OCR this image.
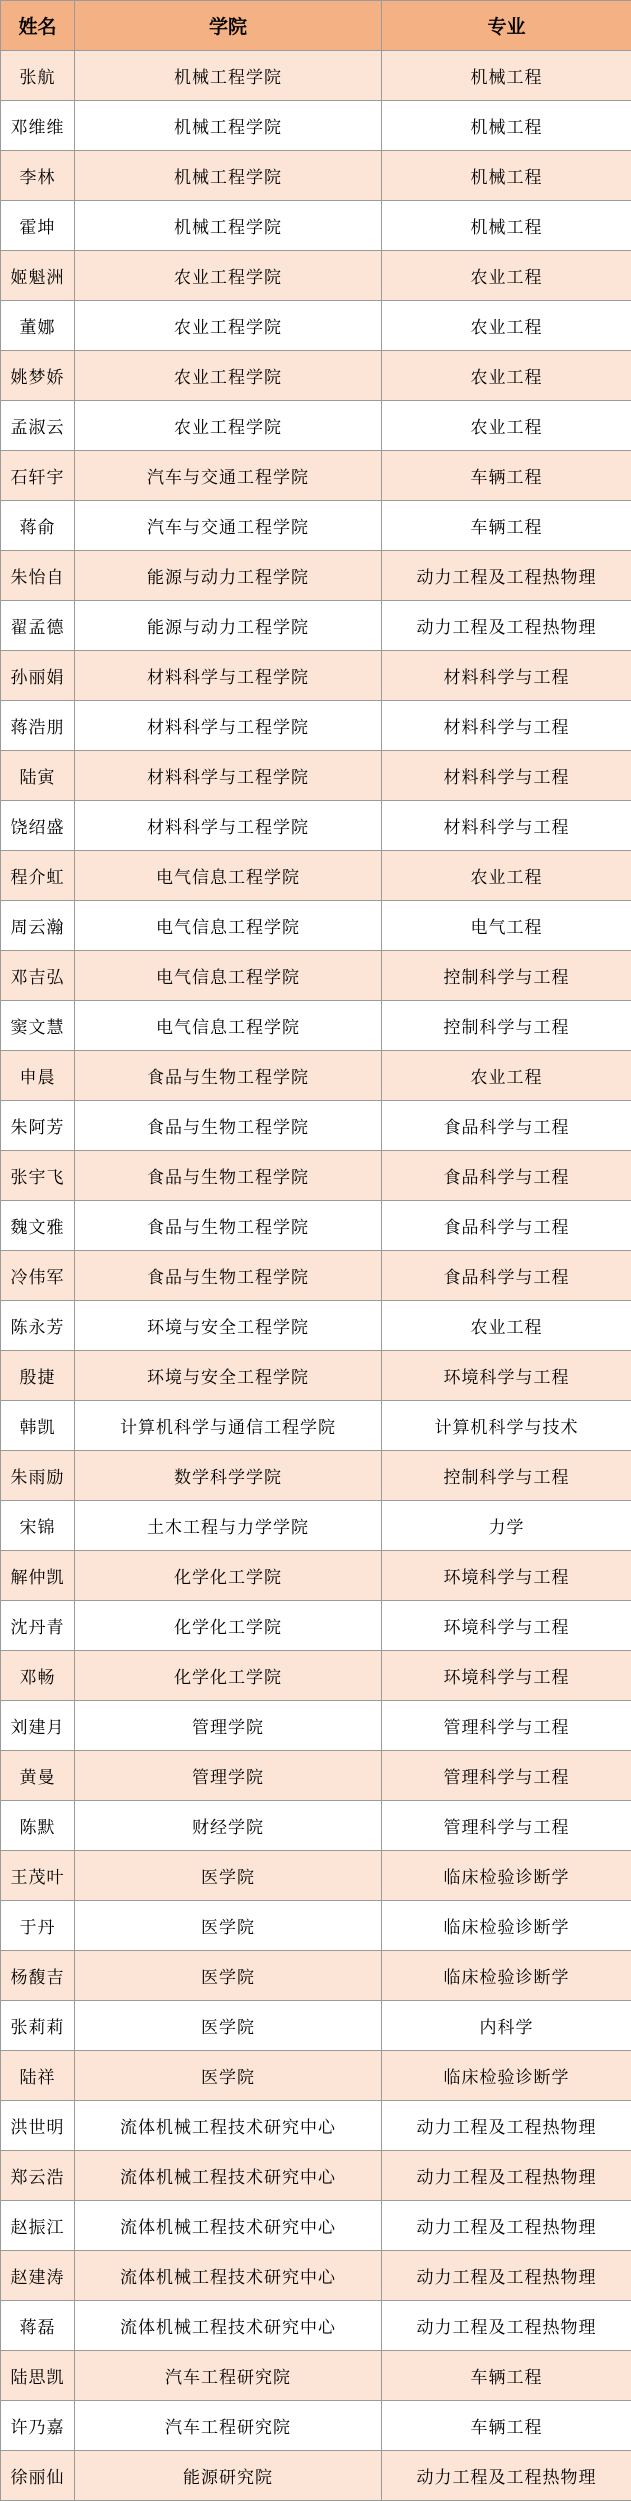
姓名	学院	专业
张航	机械工程学院	机械工程
邓维维	机械工程学院	机械工程
李林	机械工程学院	机械工程
霍坤	机械工程学院	机械工程
姬魁洲	农业工程学院	农业工程
董娜	农业工程学院	农业工程
姚梦娇	农业工程学院	农业工程
孟淑云	农业工程学院	农业工程
石轩宇	汽车与交通工程学院	车辆工程
蒋俞	汽车与交通工程学院	车辆工程
朱怡自	能源与动力工程学院	动力工程及工程热物理
翟孟德	能源与动力工程学院	动力工程及工程热物理
孙丽娟	材料科学与工程学院	材料科学与工程
蒋浩朋	材料科学与工程学院	材料科学与工程
陆寅	材料科学与工程学院	材料科学与工程
饶绍盛	材料科学与工程学院	材料科学与工程
程介虹	电气信息工程学院	农业工程
周云瀚	电气信息工程学院	电气工程
邓吉弘	电气信息工程学院	控制科学与工程
窦文慧	电气信息工程学院	控制科学与工程
申晨	食品与生物工程学院	农业工程
朱阿芳	食品与生物工程学院	食品科学与工程
张宇飞	食品与生物工程学院	食品科学与工程
魏文雅	食品与生物工程学院	食品科学与工程
冷伟军	食品与生物工程学院	食品科学与工程
陈永芳	环境与安全工程学院	农业工程
殷捷	环境与安全工程学院	环境科学与工程
韩凯	计算机科学与通信工程学院	计算机科学与技术
朱雨励	数学科学学院	控制科学与工程
宋锦	土木工程与力学学院	力学
解仲凯	化学化工学院	环境科学与工程
沈丹青	化学化工学院	环境科学与工程
邓畅	化学化工学院	环境科学与工程
刘建月	管理学院	管理科学与工程
黄曼	管理学院	管理科学与工程
陈默	财经学院	管理科学与工程
王茂叶	医学院	临床检验诊断学
于丹	医学院	临床检验诊断学
杨馥吉	医学院	临床检验诊断学
张莉莉	医学院	内科学
陆祥	医学院	临床检验诊断学
洪世明	流体机械工程技术研究中心	动力工程及工程热物理
郑云浩	流体机械工程技术研究中心	动力工程及工程热物理
赵振江	流体机械工程技术研究中心	动力工程及工程热物理
赵建涛	流体机械工程技术研究中心	动力工程及工程热物理
蒋磊	流体机械工程技术研究中心	动力工程及工程热物理
陆思凯	汽车工程研究院	车辆工程
许乃嘉	汽车工程研究院	车辆工程
徐丽仙	能源研究院	动力工程及工程热物理
